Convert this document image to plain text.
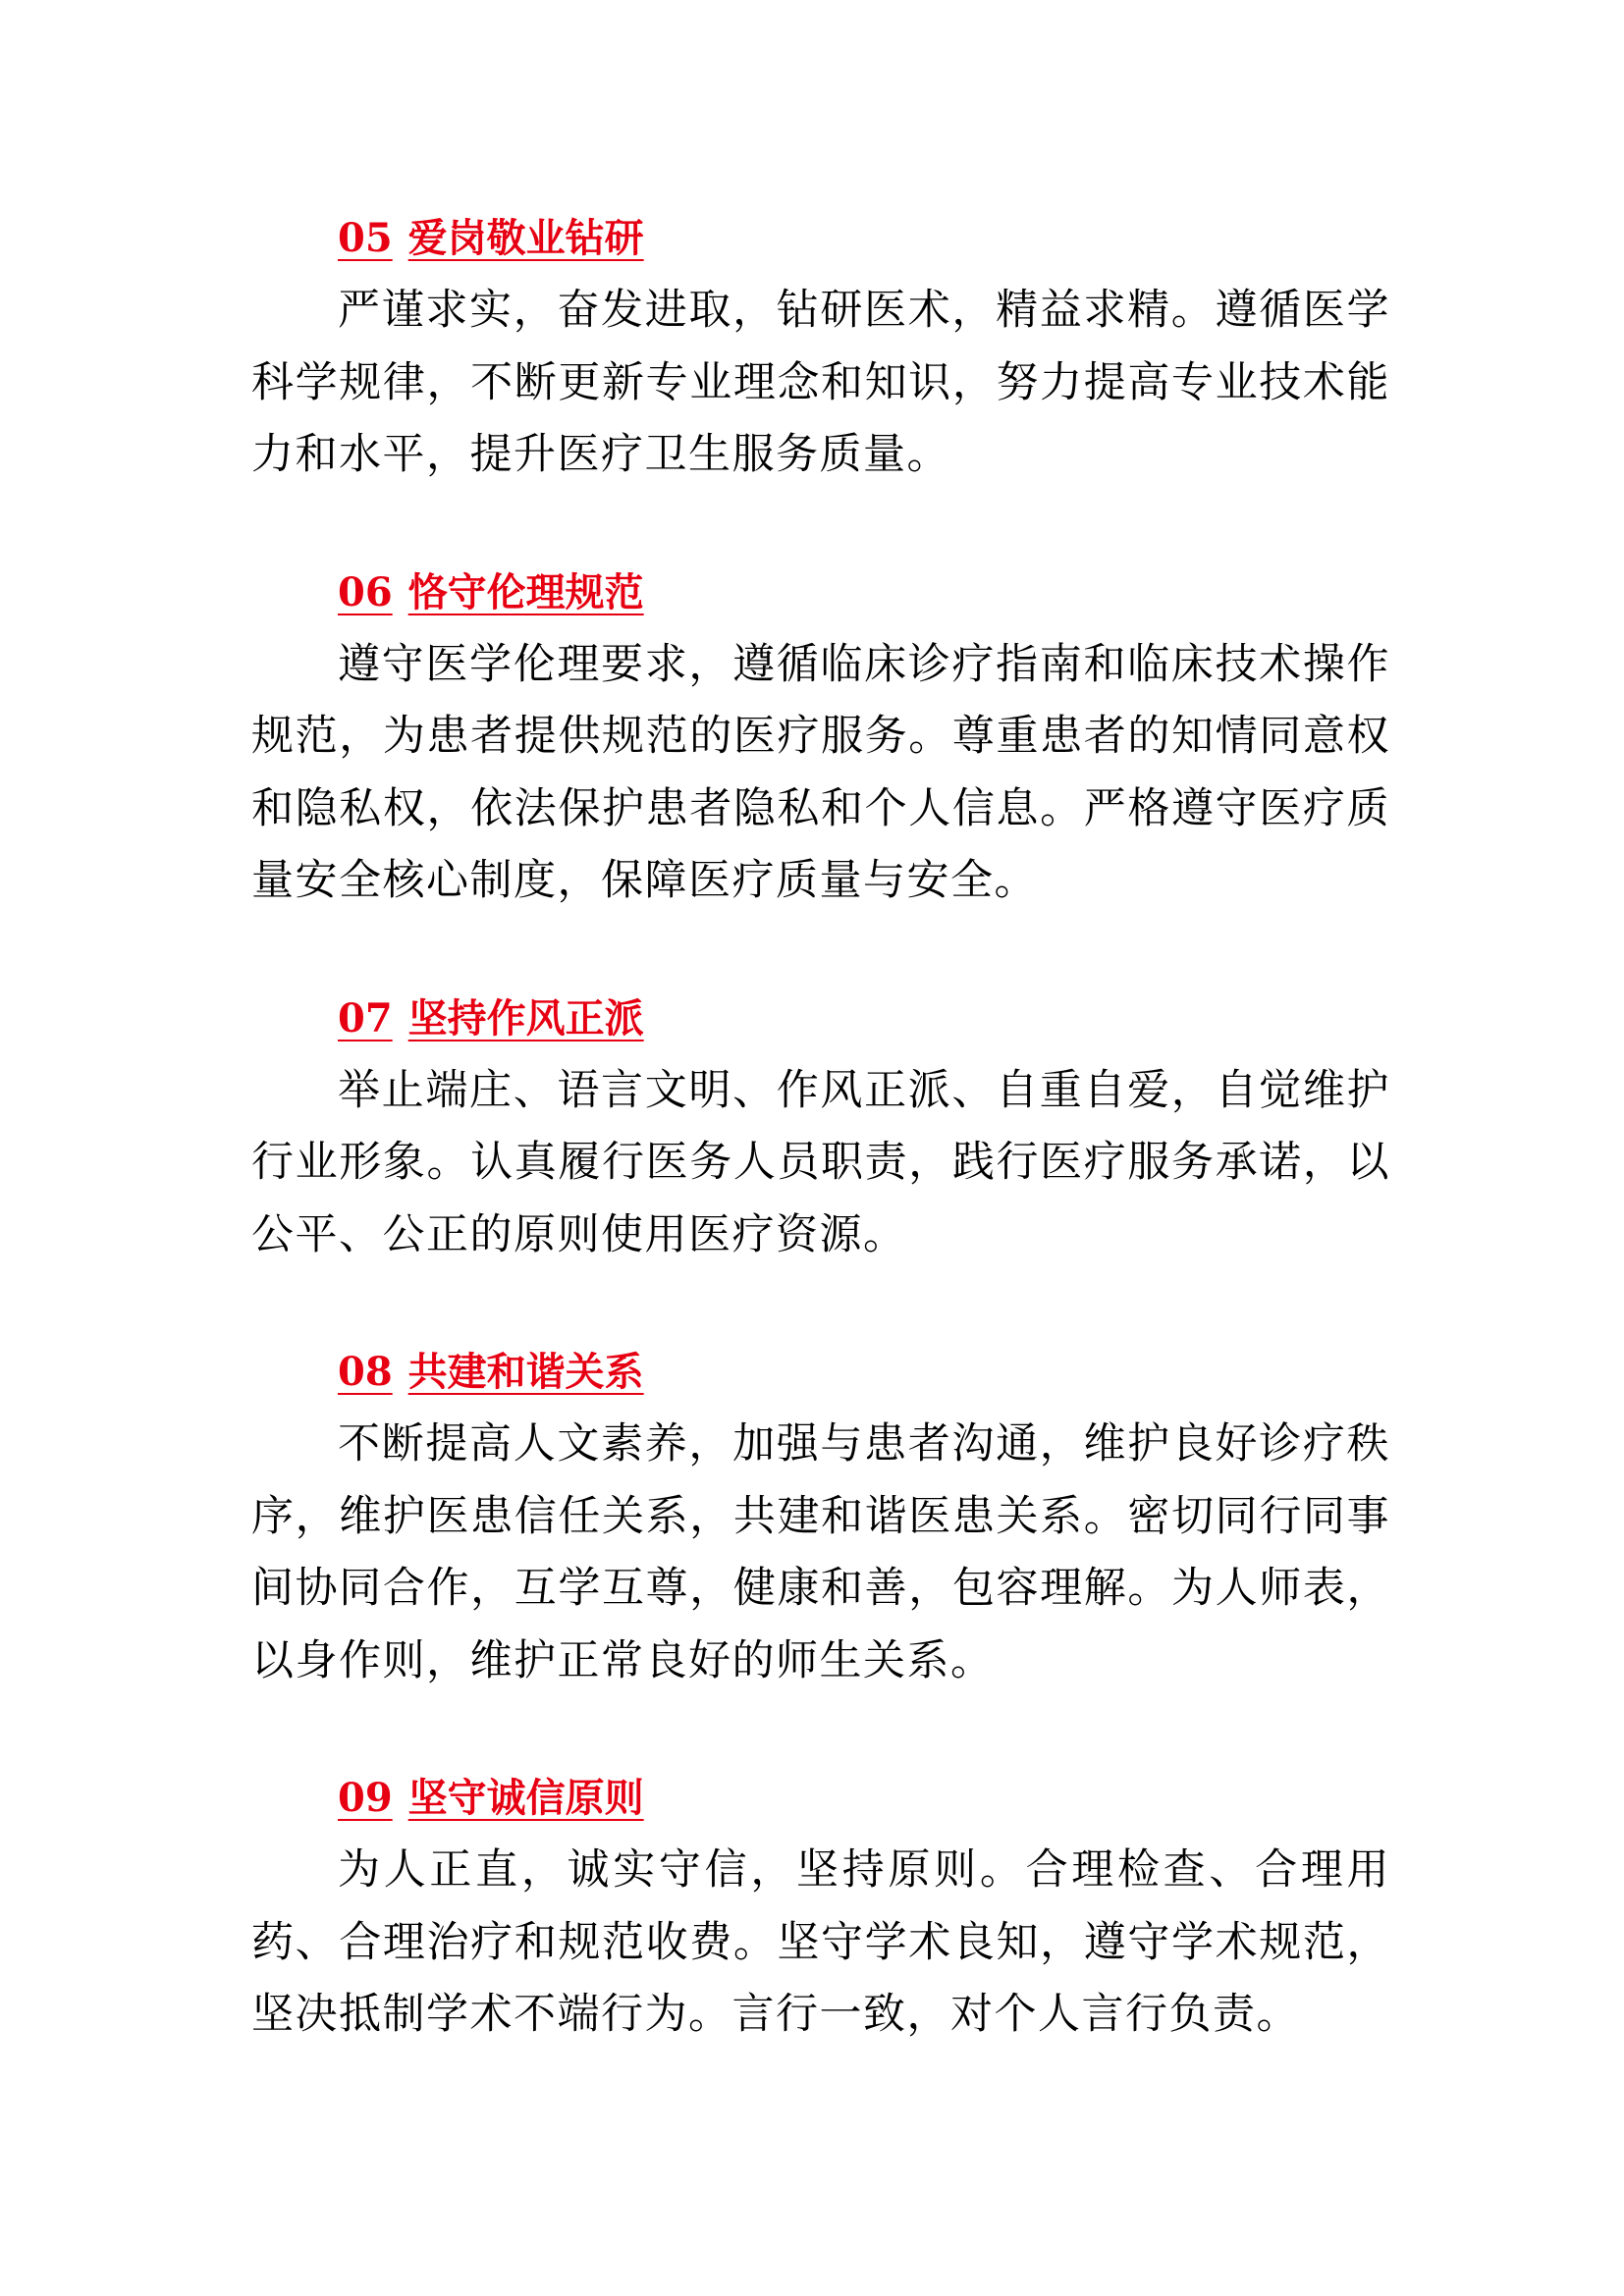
05 爱岗敬业钻研

严谨求实，奋发进取，钻研医术，精益求精。遵循医学科学规律，不断更新专业理念和知识，努力提高专业技术能力和水平，提升医疗卫生服务质量。

06 恪守伦理规范

遵守医学伦理要求，遵循临床诊疗指南和临床技术操作规范，为患者提供规范的医疗服务。尊重患者的知情同意权和隐私权，依法保护患者隐私和个人信息。严格遵守医疗质量安全核心制度，保障医疗质量与安全。

07 坚持作风正派

举止端庄、语言文明、作风正派、自重自爱，自觉维护行业形象。认真履行医务人员职责，践行医疗服务承诺，以公平、公正的原则使用医疗资源。

08 共建和谐关系

不断提高人文素养，加强与患者沟通，维护良好诊疗秩序，维护医患信任关系，共建和谐医患关系。密切同行同事间协同合作，互学互尊，健康和善，包容理解。为人师表，以身作则，维护正常良好的师生关系。

09 坚守诚信原则

为人正直，诚实守信，坚持原则。合理检查、合理用药、合理治疗和规范收费。坚守学术良知，遵守学术规范，坚决抵制学术不端行为。言行一致，对个人言行负责。
